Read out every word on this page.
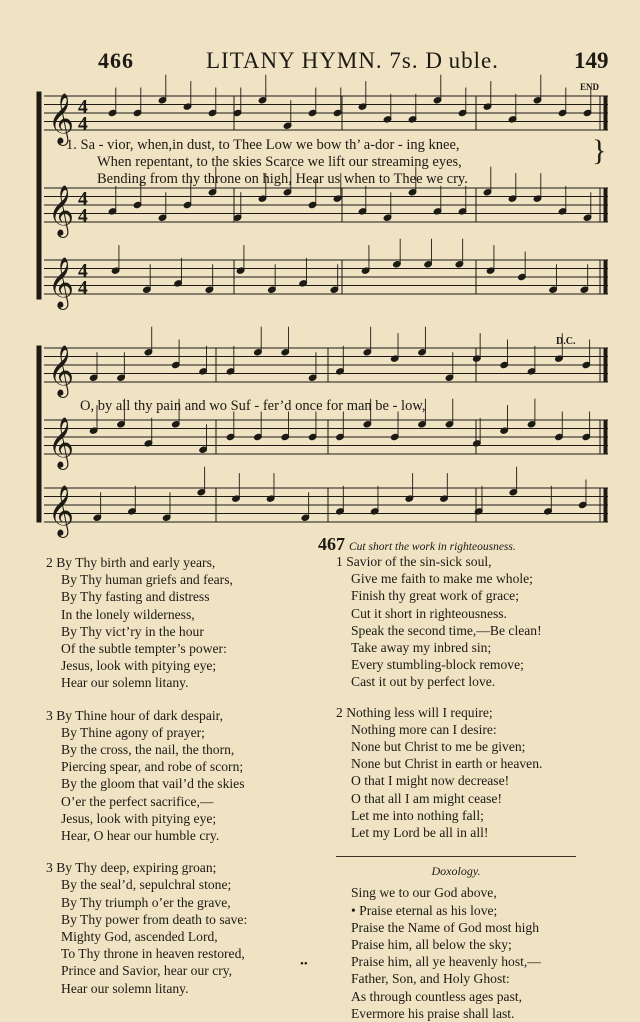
466	LITANY HYMN. 7s. D uble.	149
END
D.C.
𝄞 4
4
𝄞 4
4
𝄞 4
4
𝄞
𝄞
𝄞
1. Sa - vior, when,in dust, to Thee Low we bow th’ a-dor - ing knee,
When repentant, to the skies Scarce we lift our streaming eyes,
Bending from thy throne on high, Hear us when to Thee we cry.
}
O, by all thy pain and wo Suf - fer’d once for man be - low,
2 By Thy birth and early years,
By Thy human griefs and fears,
By Thy fasting and distress
In the lonely wilderness,
By Thy vict’ry in the hour
Of the subtle tempter’s power:
Jesus, look with pitying eye;
Hear our solemn litany.
3 By Thine hour of dark despair,
By Thine agony of prayer;
By the cross, the nail, the thorn,
Piercing spear, and robe of scorn;
By the gloom that vail’d the skies
O’er the perfect sacrifice,—
Jesus, look with pitying eye;
Hear, O hear our humble cry.
3 By Thy deep, expiring groan;
By the seal’d, sepulchral stone;
By Thy triumph o’er the grave,
By Thy power from death to save:
Mighty God, ascended Lord,
To Thy throne in heaven restored,
Prince and Savior, hear our cry,
Hear our solemn litany.
467 Cut short the work in righteousness.
1 Savior of the sin-sick soul,
Give me faith to make me whole;
Finish thy great work of grace;
Cut it short in righteousness.
Speak the second time,—Be clean!
Take away my inbred sin;
Every stumbling-block remove;
Cast it out by perfect love.
2 Nothing less will I require;
Nothing more can I desire:
None but Christ to me be given;
None but Christ in earth or heaven.
O that I might now decrease!
O that all I am might cease!
Let me into nothing fall;
Let my Lord be all in all!
Doxology.
Sing we to our God above,
• Praise eternal as his love;
Praise the Name of God most high
Praise him, all below the sky;
Praise him, all ye heavenly host,—
Father, Son, and Holy Ghost:
As through countless ages past,
Evermore his praise shall last.
••
